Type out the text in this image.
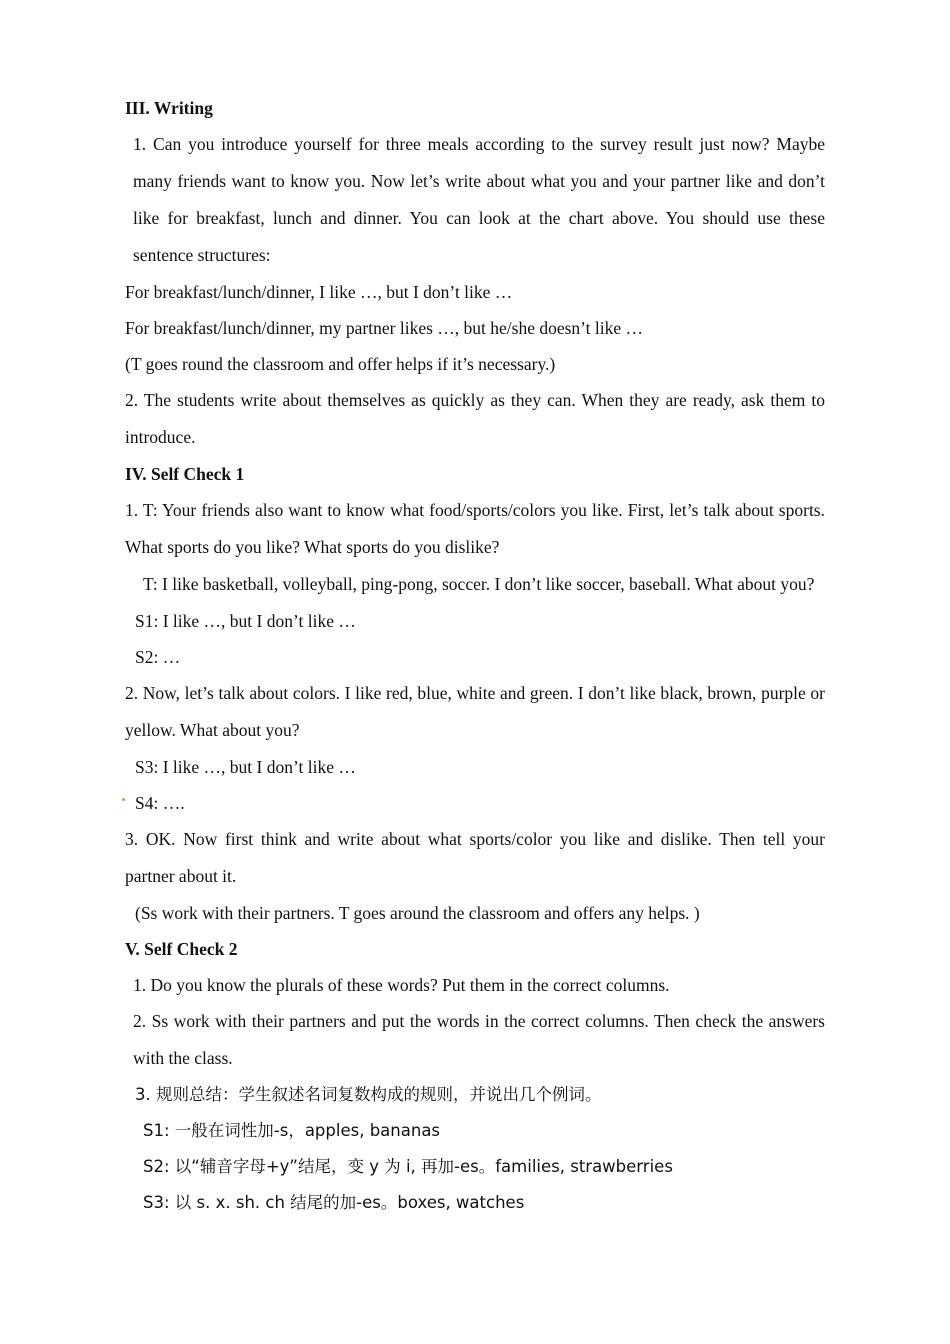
III. Writing
1. Can you introduce yourself for three meals according to the survey result just now? Maybe many friends want to know you. Now let’s write about what you and your partner like and don’t like for breakfast, lunch and dinner. You can look at the chart above. You should use these sentence structures:
For breakfast/lunch/dinner, I like …, but I don’t like …
For breakfast/lunch/dinner, my partner likes …, but he/she doesn’t like …
(T goes round the classroom and offer helps if it’s necessary.)
2. The students write about themselves as quickly as they can. When they are ready, ask them to introduce.
IV. Self Check 1
1. T: Your friends also want to know what food/sports/colors you like. First, let’s talk about sports. What sports do you like? What sports do you dislike?
T: I like basketball, volleyball, ping-pong, soccer. I don’t like soccer, baseball. What about you?
S1: I like …, but I don’t like …
S2: …
2. Now, let’s talk about colors. I like red, blue, white and green. I don’t like black, brown, purple or yellow. What about you?
S3: I like …, but I don’t like …
S4: ….
3. OK. Now first think and write about what sports/color you like and dislike. Then tell your partner about it.
(Ss work with their partners. T goes around the classroom and offers any helps. )
V. Self Check 2
1. Do you know the plurals of these words? Put them in the correct columns.
2. Ss work with their partners and put the words in the correct columns. Then check the answers with the class.
3. 规则总结：学生叙述名词复数构成的规则，并说出几个例词。
S1: 一般在词性加-s，apples, bananas
S2: 以“辅音字母+y”结尾，变 y 为 i, 再加-es。families, strawberries
S3: 以 s. x. sh. ch 结尾的加-es。boxes, watches
